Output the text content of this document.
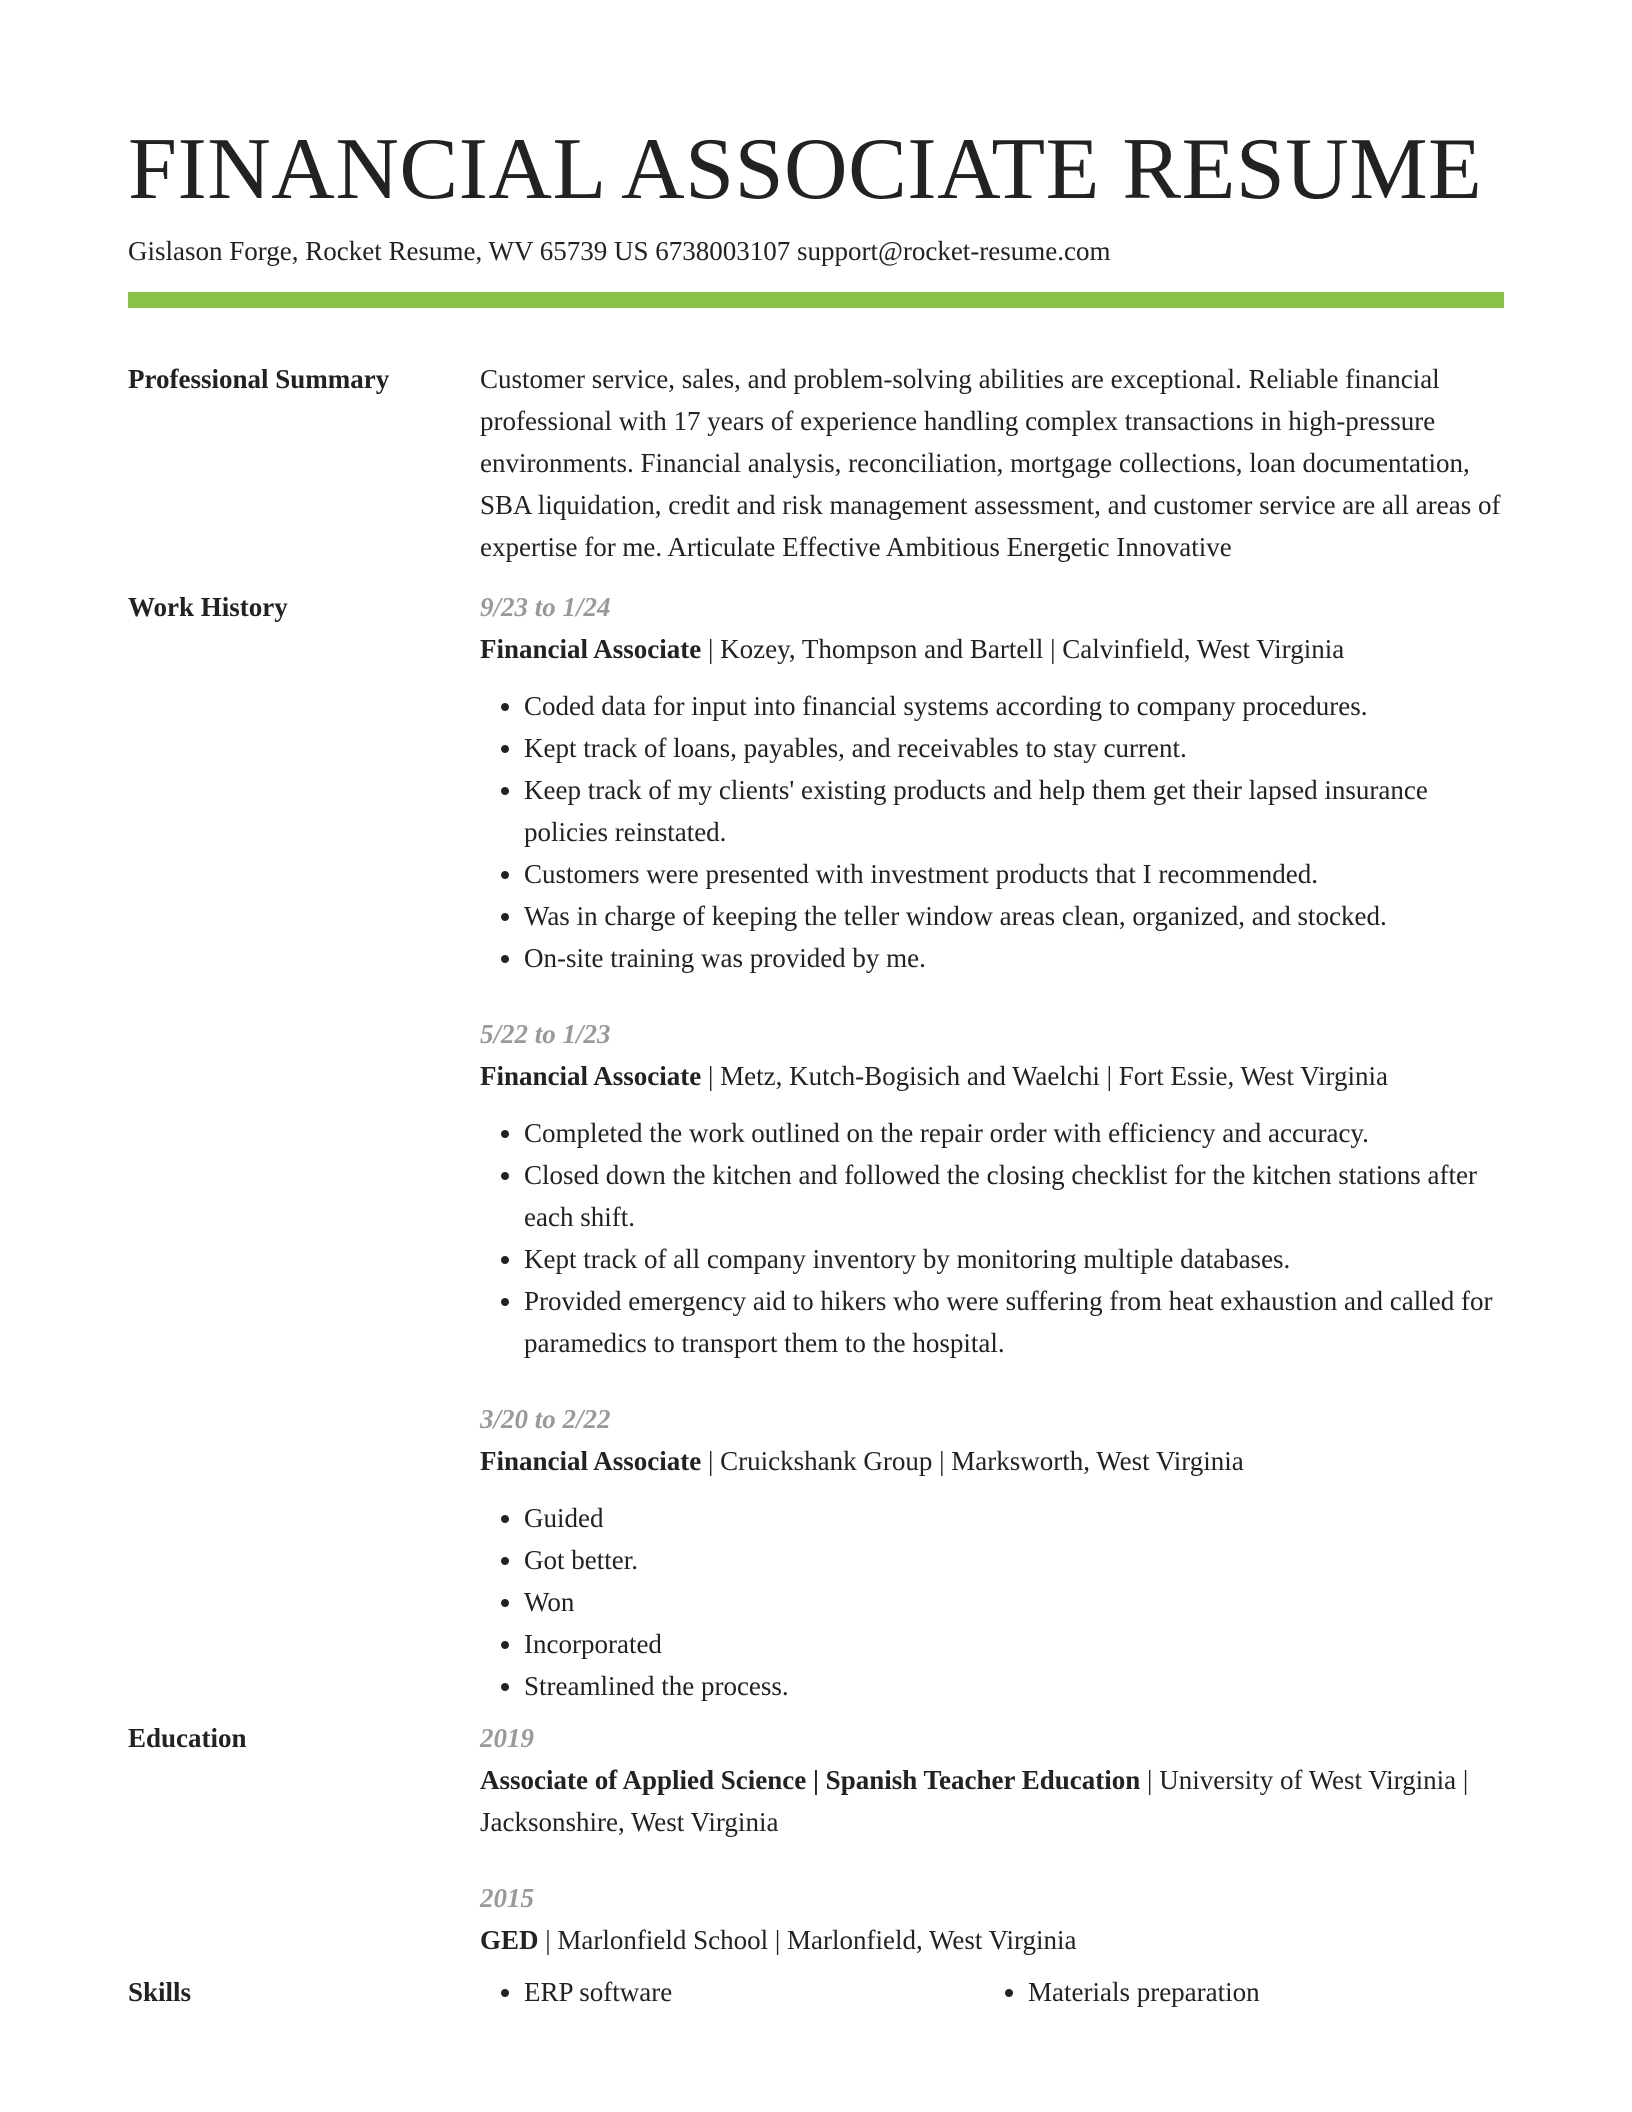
FINANCIAL ASSOCIATE RESUME
Gislason Forge, Rocket Resume, WV 65739 US 6738003107 support@rocket-resume.com
Professional Summary	Customer service, sales, and problem-solving abilities are exceptional. Reliable financial professional with 17 years of experience handling complex transactions in high-pressure environments. Financial analysis, reconciliation, mortgage collections, loan documentation, SBA liquidation, credit and risk management assessment, and customer service are all areas of expertise for me. Articulate Effective Ambitious Energetic Innovative
Work History	9/23 to 1/24
Financial Associate | Kozey, Thompson and Bartell | Calvinfield, West Virginia
• Coded data for input into financial systems according to company procedures.
• Kept track of loans, payables, and receivables to stay current.
• Keep track of my clients' existing products and help them get their lapsed insurance policies reinstated.
• Customers were presented with investment products that I recommended.
• Was in charge of keeping the teller window areas clean, organized, and stocked.
• On-site training was provided by me.
5/22 to 1/23
Financial Associate | Metz, Kutch-Bogisich and Waelchi | Fort Essie, West Virginia
• Completed the work outlined on the repair order with efficiency and accuracy.
• Closed down the kitchen and followed the closing checklist for the kitchen stations after each shift.
• Kept track of all company inventory by monitoring multiple databases.
• Provided emergency aid to hikers who were suffering from heat exhaustion and called for paramedics to transport them to the hospital.
3/20 to 2/22
Financial Associate | Cruickshank Group | Marksworth, West Virginia
• Guided
• Got better.
• Won
• Incorporated
• Streamlined the process.
Education	2019
Associate of Applied Science | Spanish Teacher Education | University of West Virginia | Jacksonshire, West Virginia
2015
GED | Marlonfield School | Marlonfield, West Virginia
Skills	• ERP software	• Materials preparation
